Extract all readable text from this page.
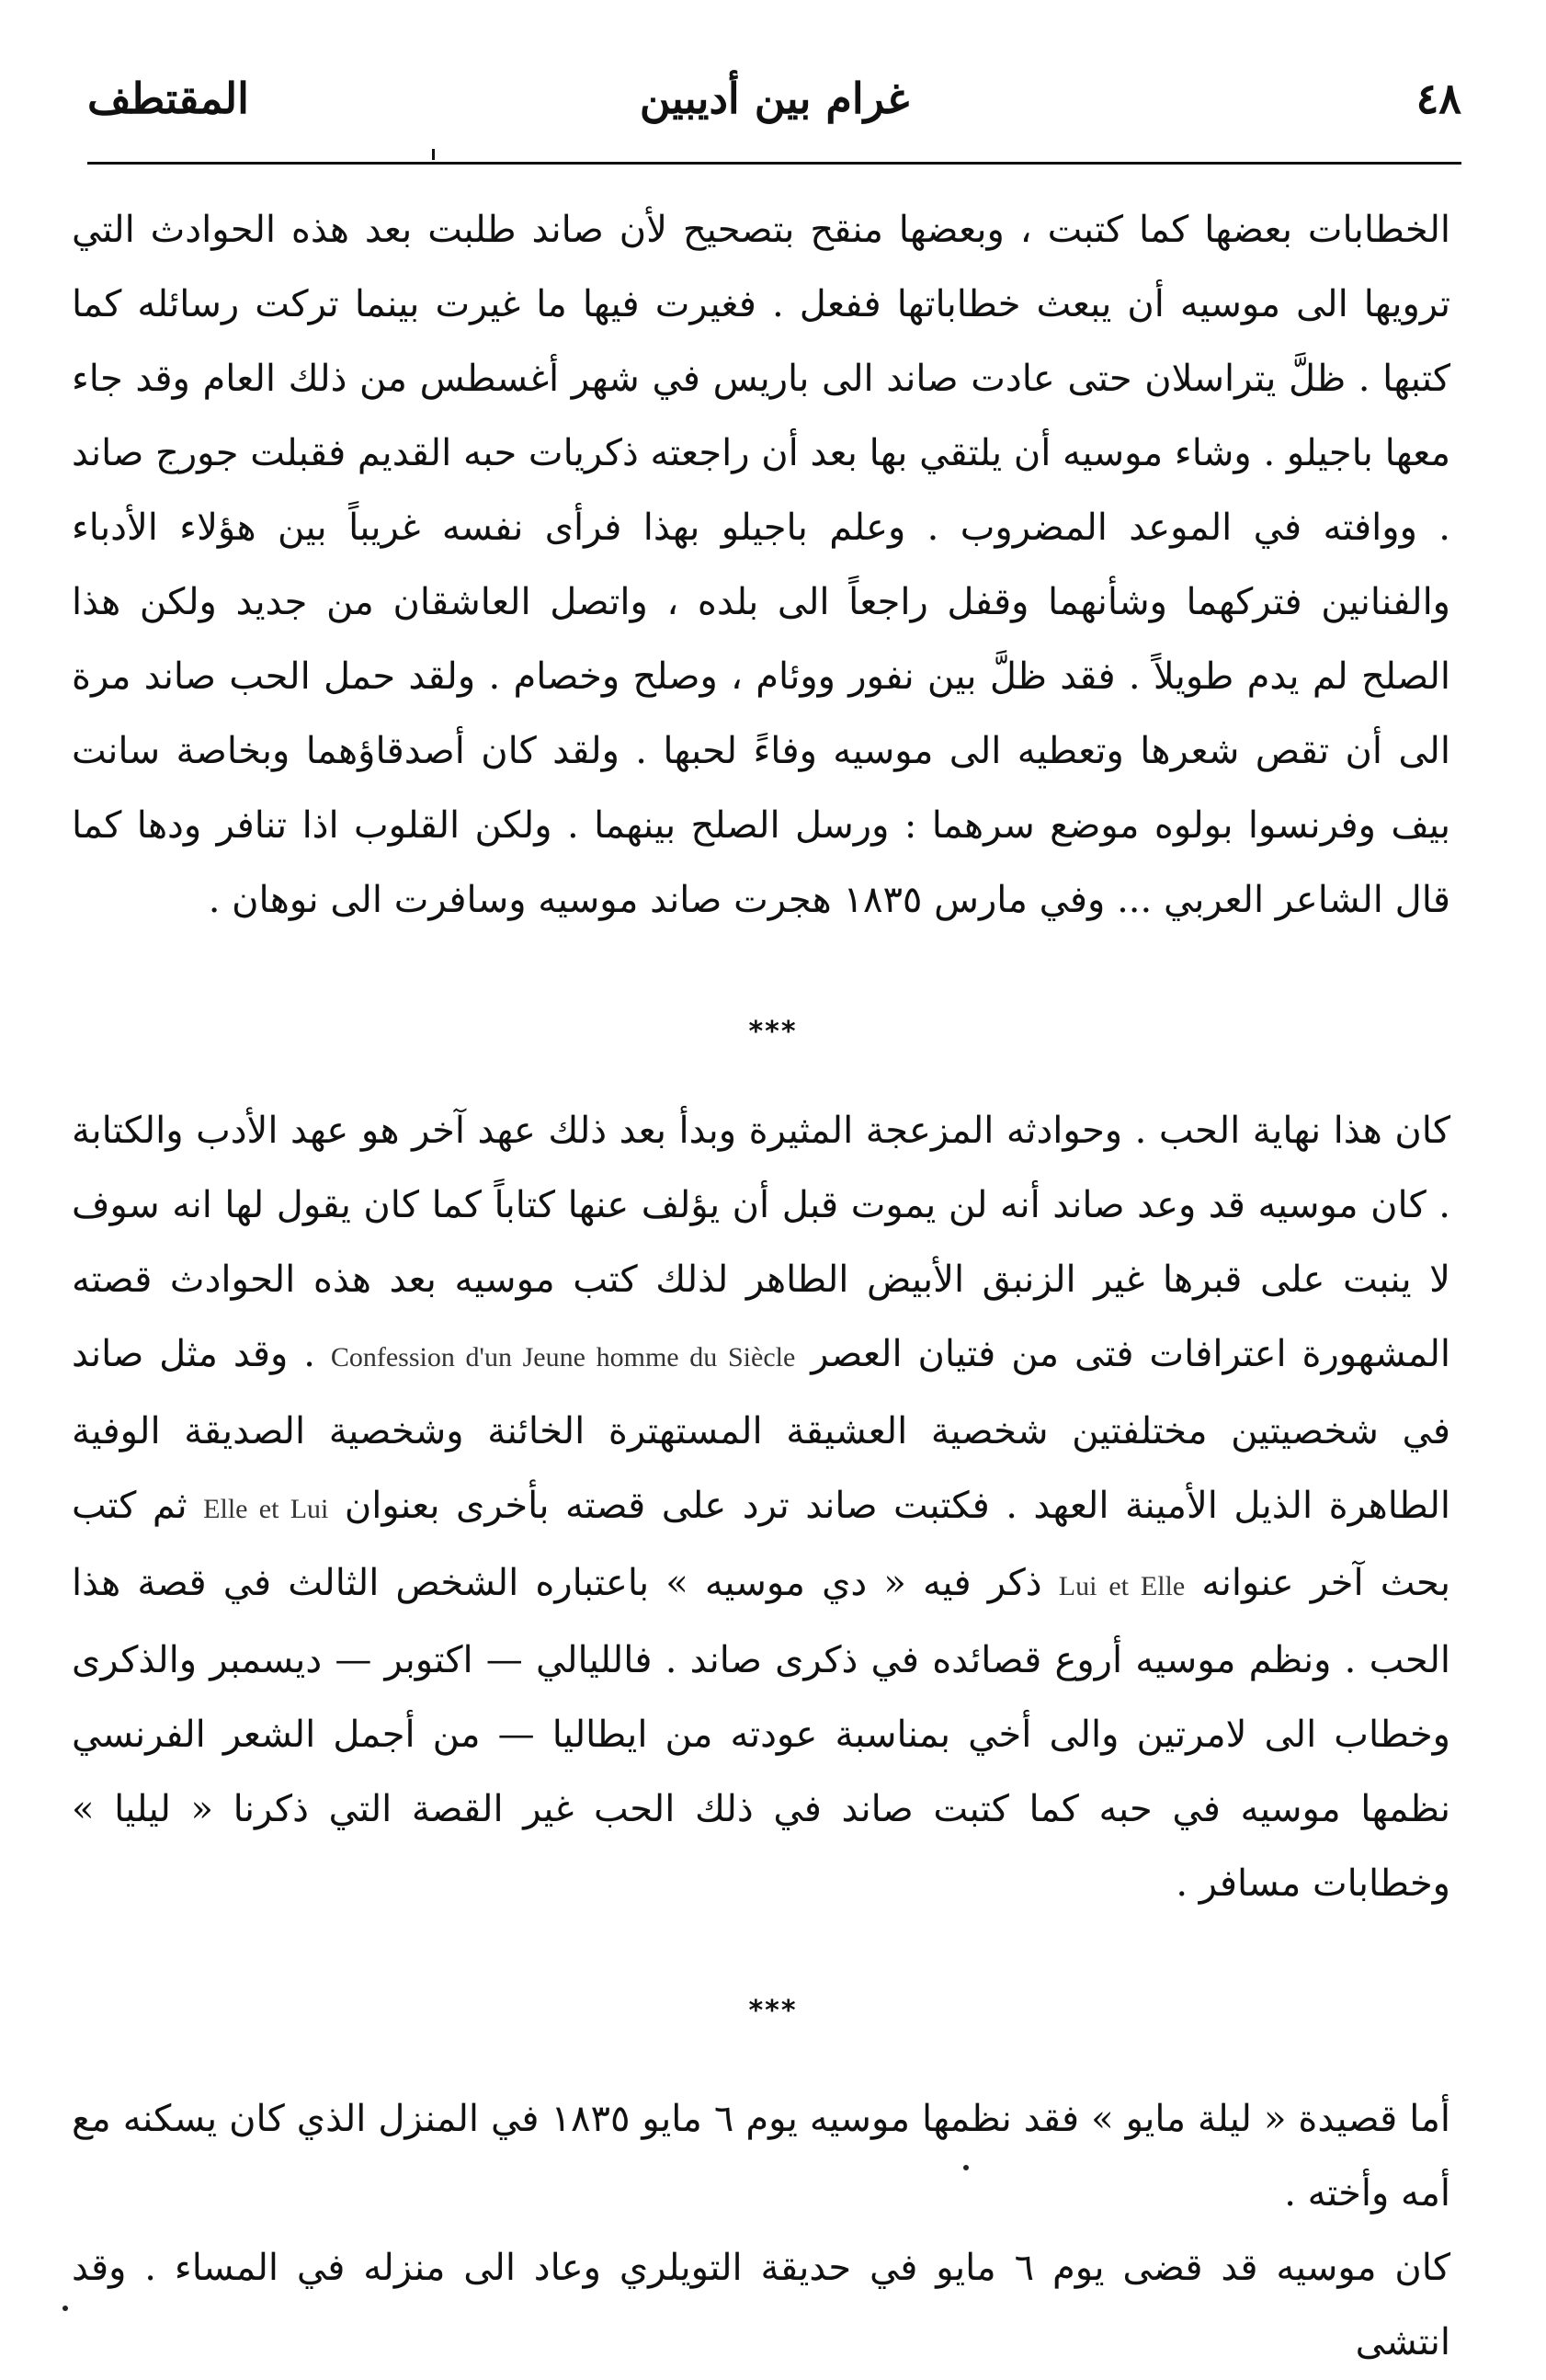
٤٨
غرام بين أديبين
المقتطف

الخطابات بعضها كما كتبت ، وبعضها منقح بتصحيح لأن صاند طلبت بعد هذه الحوادث التي ترويها الى موسيه أن يبعث خطاباتها ففعل . فغيرت فيها ما غيرت بينما تركت رسائله كما كتبها . ظلَّ يتراسلان حتى عادت صاند الى باريس في شهر أغسطس من ذلك العام وقد جاء معها باجيلو . وشاء موسيه أن يلتقي بها بعد أن راجعته ذكريات حبه القديم فقبلت جورج صاند . ووافته في الموعد المضروب . وعلم باجيلو بهذا فرأى نفسه غريباً بين هؤلاء الأدباء والفنانين فتركهما وشأنهما وقفل راجعاً الى بلده ، واتصل العاشقان من جديد ولكن هذا الصلح لم يدم طويلاً . فقد ظلَّ بين نفور ووئام ، وصلح وخصام . ولقد حمل الحب صاند مرة الى أن تقص شعرها وتعطيه الى موسيه وفاءً لحبها . ولقد كان أصدقاؤهما وبخاصة سانت بيف وفرنسوا بولوه موضع سرهما : ورسل الصلح بينهما . ولكن القلوب اذا تنافر ودها كما قال الشاعر العربي ... وفي مارس ١٨٣٥ هجرت صاند موسيه وسافرت الى نوهان .

***

كان هذا نهاية الحب . وحوادثه المزعجة المثيرة وبدأ بعد ذلك عهد آخر هو عهد الأدب والكتابة . كان موسيه قد وعد صاند أنه لن يموت قبل أن يؤلف عنها كتاباً كما كان يقول لها انه سوف لا ينبت على قبرها غير الزنبق الأبيض الطاهر لذلك كتب موسيه بعد هذه الحوادث قصته المشهورة اعترافات فتى من فتيان العصر Confession d'un Jeune homme du Siècle . وقد مثل صاند في شخصيتين مختلفتين شخصية العشيقة المستهترة الخائنة وشخصية الصديقة الوفية الطاهرة الذيل الأمينة العهد . فكتبت صاند ترد على قصته بأخرى بعنوان Elle et Lui ثم كتب بحث آخر عنوانه Lui et Elle ذكر فيه « دي موسيه » باعتباره الشخص الثالث في قصة هذا الحب . ونظم موسيه أروع قصائده في ذكرى صاند . فالليالي — اكتوبر — ديسمبر والذكرى وخطاب الى لامرتين والى أخي بمناسبة عودته من ايطاليا — من أجمل الشعر الفرنسي نظمها موسيه في حبه كما كتبت صاند في ذلك الحب غير القصة التي ذكرنا « ليليا » وخطابات مسافر .

***

أما قصيدة « ليلة مايو » فقد نظمها موسيه يوم ٦ مايو ١٨٣٥ في المنزل الذي كان يسكنه مع أمه وأخته .

كان موسيه قد قضى يوم ٦ مايو في حديقة التويلري وعاد الى منزله في المساء . وقد انتشى
